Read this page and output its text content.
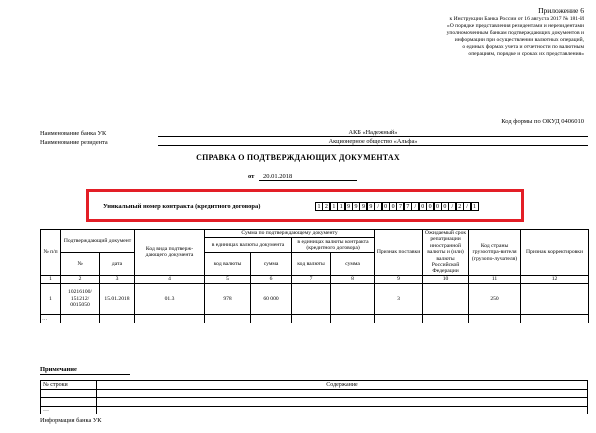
Приложение 6
к Инструкции Банка России от 16 августа 2017 № 181-И
«О порядке представления резидентами и нерезидентами
уполномоченным банкам подтверждающих документов и
информации при осуществлении валютных операций,
о единых формах учета и отчетности по валютным
операциям, порядке и сроках их представления»
Код формы по ОКУД 0406010
Наименование банка УК	АКБ «Надежный»
Наименование резидента	Акционерное общество «Альфа»
СПРАВКА О ПОДТВЕРЖДАЮЩИХ ДОКУМЕНТАХ
от 20.01.2018
Уникальный номер контракта (кредитного договора)	1 2 1 1 9 9 9 9 / 0 0 7 7 / 0 0 0 0 / 2 / 1
№ п/п	Подтверждающий документ		Код вида подтверж-дающего документа	Сумма по подтверждающему документу				Признак поставки	Ожидаемый срок репатриации иностранной валюты и (или) валюты Российской Федерации	Код страны грузоотпра-вителя (грузопо-лучателя)	Признак корректировки
				в единицах валюты документа		в единицах валюты контракта (кредитного договора)					
	№	дата		код валюты	сумма	код валюты	сумма				
1	2	3	4	5	6	7	8	9	10	11	12
1	10216100/ 151212/ 0015050	15.01.2018	01.3	978	60 000			3		250	
…											
Примечание
№ строки	Содержание

…	
Информация банка УК
